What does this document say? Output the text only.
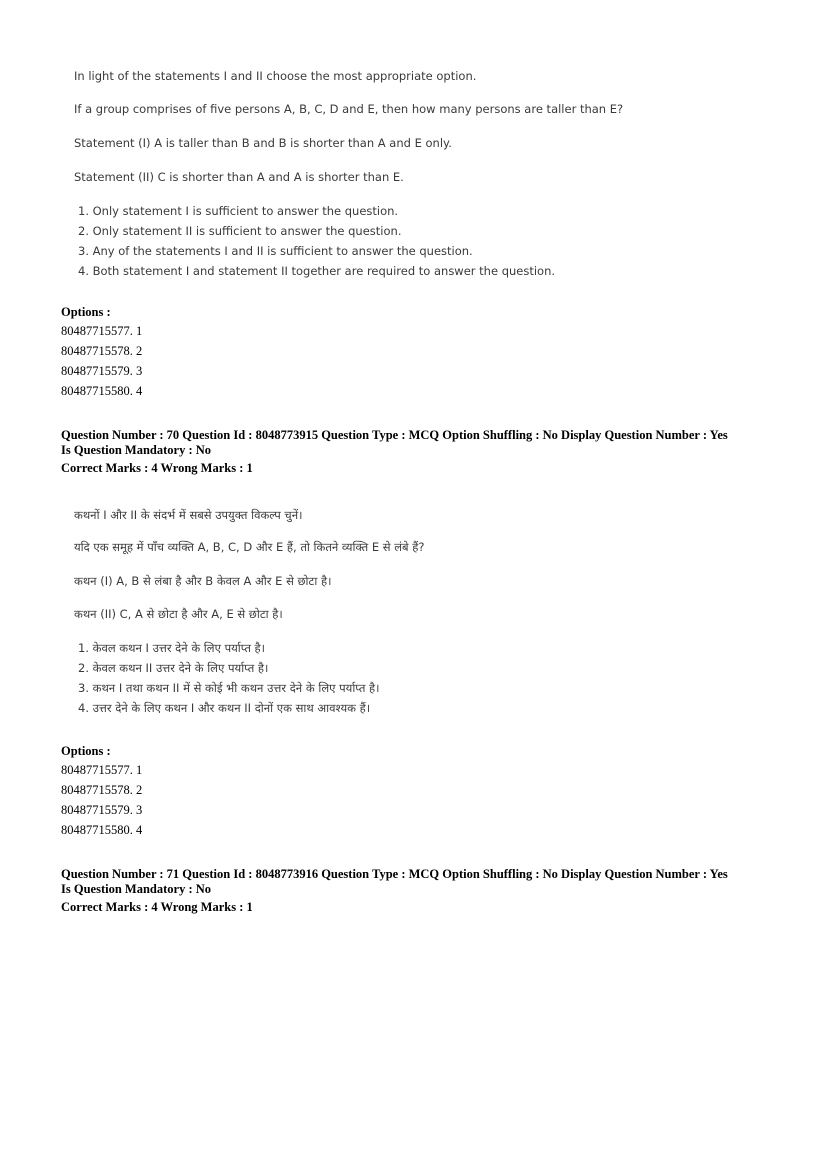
In light of the statements I and II choose the most appropriate option.
If a group comprises of five persons A, B, C, D and E, then how many persons are taller than E?
Statement (I) A is taller than B and B is shorter than A and E only.
Statement (II) C is shorter than A and A is shorter than E.
1. Only statement I is sufficient to answer the question.
2. Only statement II is sufficient to answer the question.
3. Any of the statements I and II is sufficient to answer the question.
4. Both statement I and statement II together are required to answer the question.
Options :
80487715577. 1
80487715578. 2
80487715579. 3
80487715580. 4
Question Number : 70 Question Id : 8048773915 Question Type : MCQ Option Shuffling : No Display Question Number : Yes
Is Question Mandatory : No
Correct Marks : 4 Wrong Marks : 1
कथनों I और II के संदर्भ में सबसे उपयुक्त विकल्प चुनें।
यदि एक समूह में पाँच व्यक्ति A, B, C, D और E हैं, तो कितने व्यक्ति E से लंबे हैं?
कथन (I) A, B से लंबा है और B केवल A और E से छोटा है।
कथन (II) C, A से छोटा है और A, E से छोटा है।
1. केवल कथन I उत्तर देने के लिए पर्याप्त है।
2. केवल कथन II उत्तर देने के लिए पर्याप्त है।
3. कथन I तथा कथन II में से कोई भी कथन उत्तर देने के लिए पर्याप्त है।
4. उत्तर देने के लिए कथन I और कथन II दोनों एक साथ आवश्यक हैं।
Options :
80487715577. 1
80487715578. 2
80487715579. 3
80487715580. 4
Question Number : 71 Question Id : 8048773916 Question Type : MCQ Option Shuffling : No Display Question Number : Yes
Is Question Mandatory : No
Correct Marks : 4 Wrong Marks : 1
